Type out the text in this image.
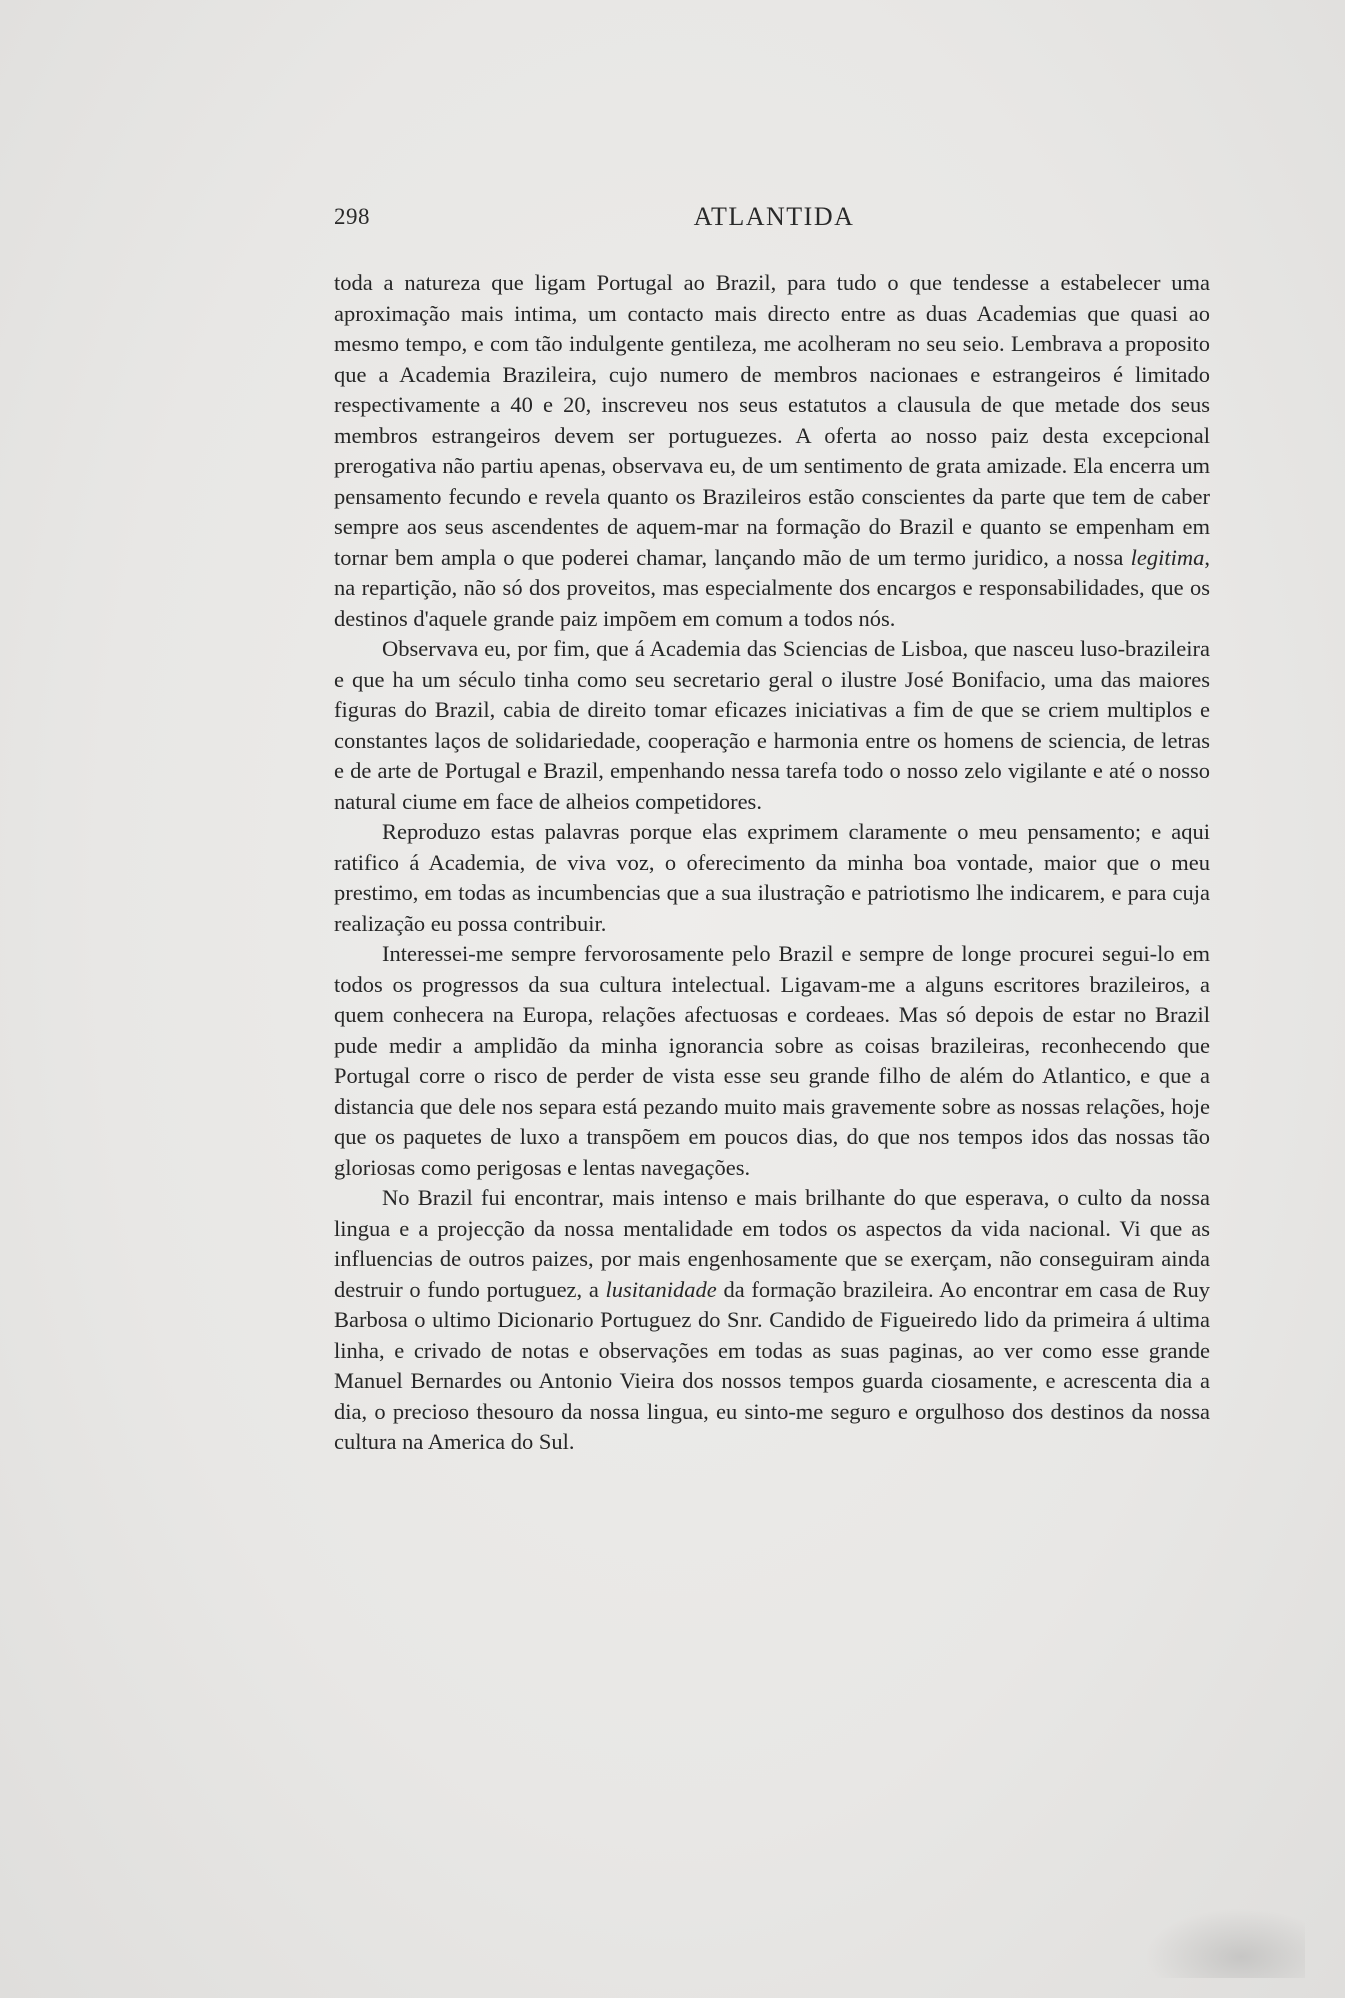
298	ATLANTIDA

toda a natureza que ligam Portugal ao Brazil, para tudo o que tendesse a estabelecer uma aproximação mais intima, um contacto mais directo entre as duas Academias que quasi ao mesmo tempo, e com tão indulgente gentileza, me acolheram no seu seio. Lembrava a proposito que a Academia Brazileira, cujo numero de membros nacionaes e estrangeiros é limitado respectivamente a 40 e 20, inscreveu nos seus estatutos a clausula de que metade dos seus membros estrangeiros devem ser portuguezes. A oferta ao nosso paiz desta excepcional prerogativa não partiu apenas, observava eu, de um sentimento de grata amizade. Ela encerra um pensamento fecundo e revela quanto os Brazileiros estão conscientes da parte que tem de caber sempre aos seus ascendentes de aquem-mar na formação do Brazil e quanto se empenham em tornar bem ampla o que poderei chamar, lançando mão de um termo juridico, a nossa legitima, na repartição, não só dos proveitos, mas especialmente dos encargos e responsabilidades, que os destinos d'aquele grande paiz impõem em comum a todos nós.

Observava eu, por fim, que á Academia das Sciencias de Lisboa, que nasceu luso-brazileira e que ha um século tinha como seu secretario geral o ilustre José Bonifacio, uma das maiores figuras do Brazil, cabia de direito tomar eficazes iniciativas a fim de que se criem multiplos e constantes laços de solidariedade, cooperação e harmonia entre os homens de sciencia, de letras e de arte de Portugal e Brazil, empenhando nessa tarefa todo o nosso zelo vigilante e até o nosso natural ciume em face de alheios competidores.

Reproduzo estas palavras porque elas exprimem claramente o meu pensamento; e aqui ratifico á Academia, de viva voz, o oferecimento da minha boa vontade, maior que o meu prestimo, em todas as incumbencias que a sua ilustração e patriotismo lhe indicarem, e para cuja realização eu possa contribuir.

Interessei-me sempre fervorosamente pelo Brazil e sempre de longe procurei segui-lo em todos os progressos da sua cultura intelectual. Ligavam-me a alguns escritores brazileiros, a quem conhecera na Europa, relações afectuosas e cordeaes. Mas só depois de estar no Brazil pude medir a amplidão da minha ignorancia sobre as coisas brazileiras, reconhecendo que Portugal corre o risco de perder de vista esse seu grande filho de além do Atlantico, e que a distancia que dele nos separa está pezando muito mais gravemente sobre as nossas relações, hoje que os paquetes de luxo a transpõem em poucos dias, do que nos tempos idos das nossas tão gloriosas como perigosas e lentas navegações.

No Brazil fui encontrar, mais intenso e mais brilhante do que esperava, o culto da nossa lingua e a projecção da nossa mentalidade em todos os aspectos da vida nacional. Vi que as influencias de outros paizes, por mais engenhosamente que se exerçam, não conseguiram ainda destruir o fundo portuguez, a lusitanidade da formação brazileira. Ao encontrar em casa de Ruy Barbosa o ultimo Dicionario Portuguez do Snr. Candido de Figueiredo lido da primeira á ultima linha, e crivado de notas e observações em todas as suas paginas, ao ver como esse grande Manuel Bernardes ou Antonio Vieira dos nossos tempos guarda ciosamente, e acrescenta dia a dia, o precioso thesouro da nossa lingua, eu sinto-me seguro e orgulhoso dos destinos da nossa cultura na America do Sul.
